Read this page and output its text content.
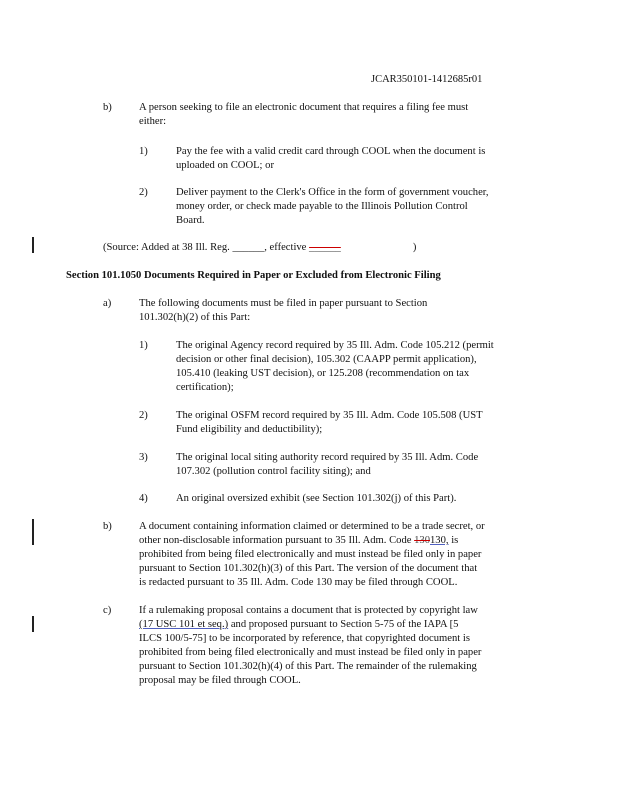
JCAR350101-1412685r01
b)	A person seeking to file an electronic document that requires a filing fee must
either:
1)	Pay the fee with a valid credit card through COOL when the document is
uploaded on COOL; or
2)	Deliver payment to the Clerk's Office in the form of government voucher,
money order, or check made payable to the Illinois Pollution Control
Board.
(Source: Added at 38 Ill. Reg. ______, effective ______	)
Section 101.1050 Documents Required in Paper or Excluded from Electronic Filing
a)	The following documents must be filed in paper pursuant to Section
101.302(h)(2) of this Part:
1)	The original Agency record required by 35 Ill. Adm. Code 105.212 (permit
decision or other final decision), 105.302 (CAAPP permit application),
105.410 (leaking UST decision), or 125.208 (recommendation on tax
certification);
2)	The original OSFM record required by 35 Ill. Adm. Code 105.508 (UST
Fund eligibility and deductibility);
3)	The original local siting authority record required by 35 Ill. Adm. Code
107.302 (pollution control facility siting); and
4)	An original oversized exhibit (see Section 101.302(j) of this Part).
b)	A document containing information claimed or determined to be a trade secret, or
other non-disclosable information pursuant to 35 Ill. Adm. Code 130130, is
prohibited from being filed electronically and must instead be filed only in paper
pursuant to Section 101.302(h)(3) of this Part. The version of the document that
is redacted pursuant to 35 Ill. Adm. Code 130 may be filed through COOL.
c)	If a rulemaking proposal contains a document that is protected by copyright law
(17 USC 101 et seq.) and proposed pursuant to Section 5-75 of the IAPA [5
ILCS 100/5-75] to be incorporated by reference, that copyrighted document is
prohibited from being filed electronically and must instead be filed only in paper
pursuant to Section 101.302(h)(4) of this Part. The remainder of the rulemaking
proposal may be filed through COOL.
